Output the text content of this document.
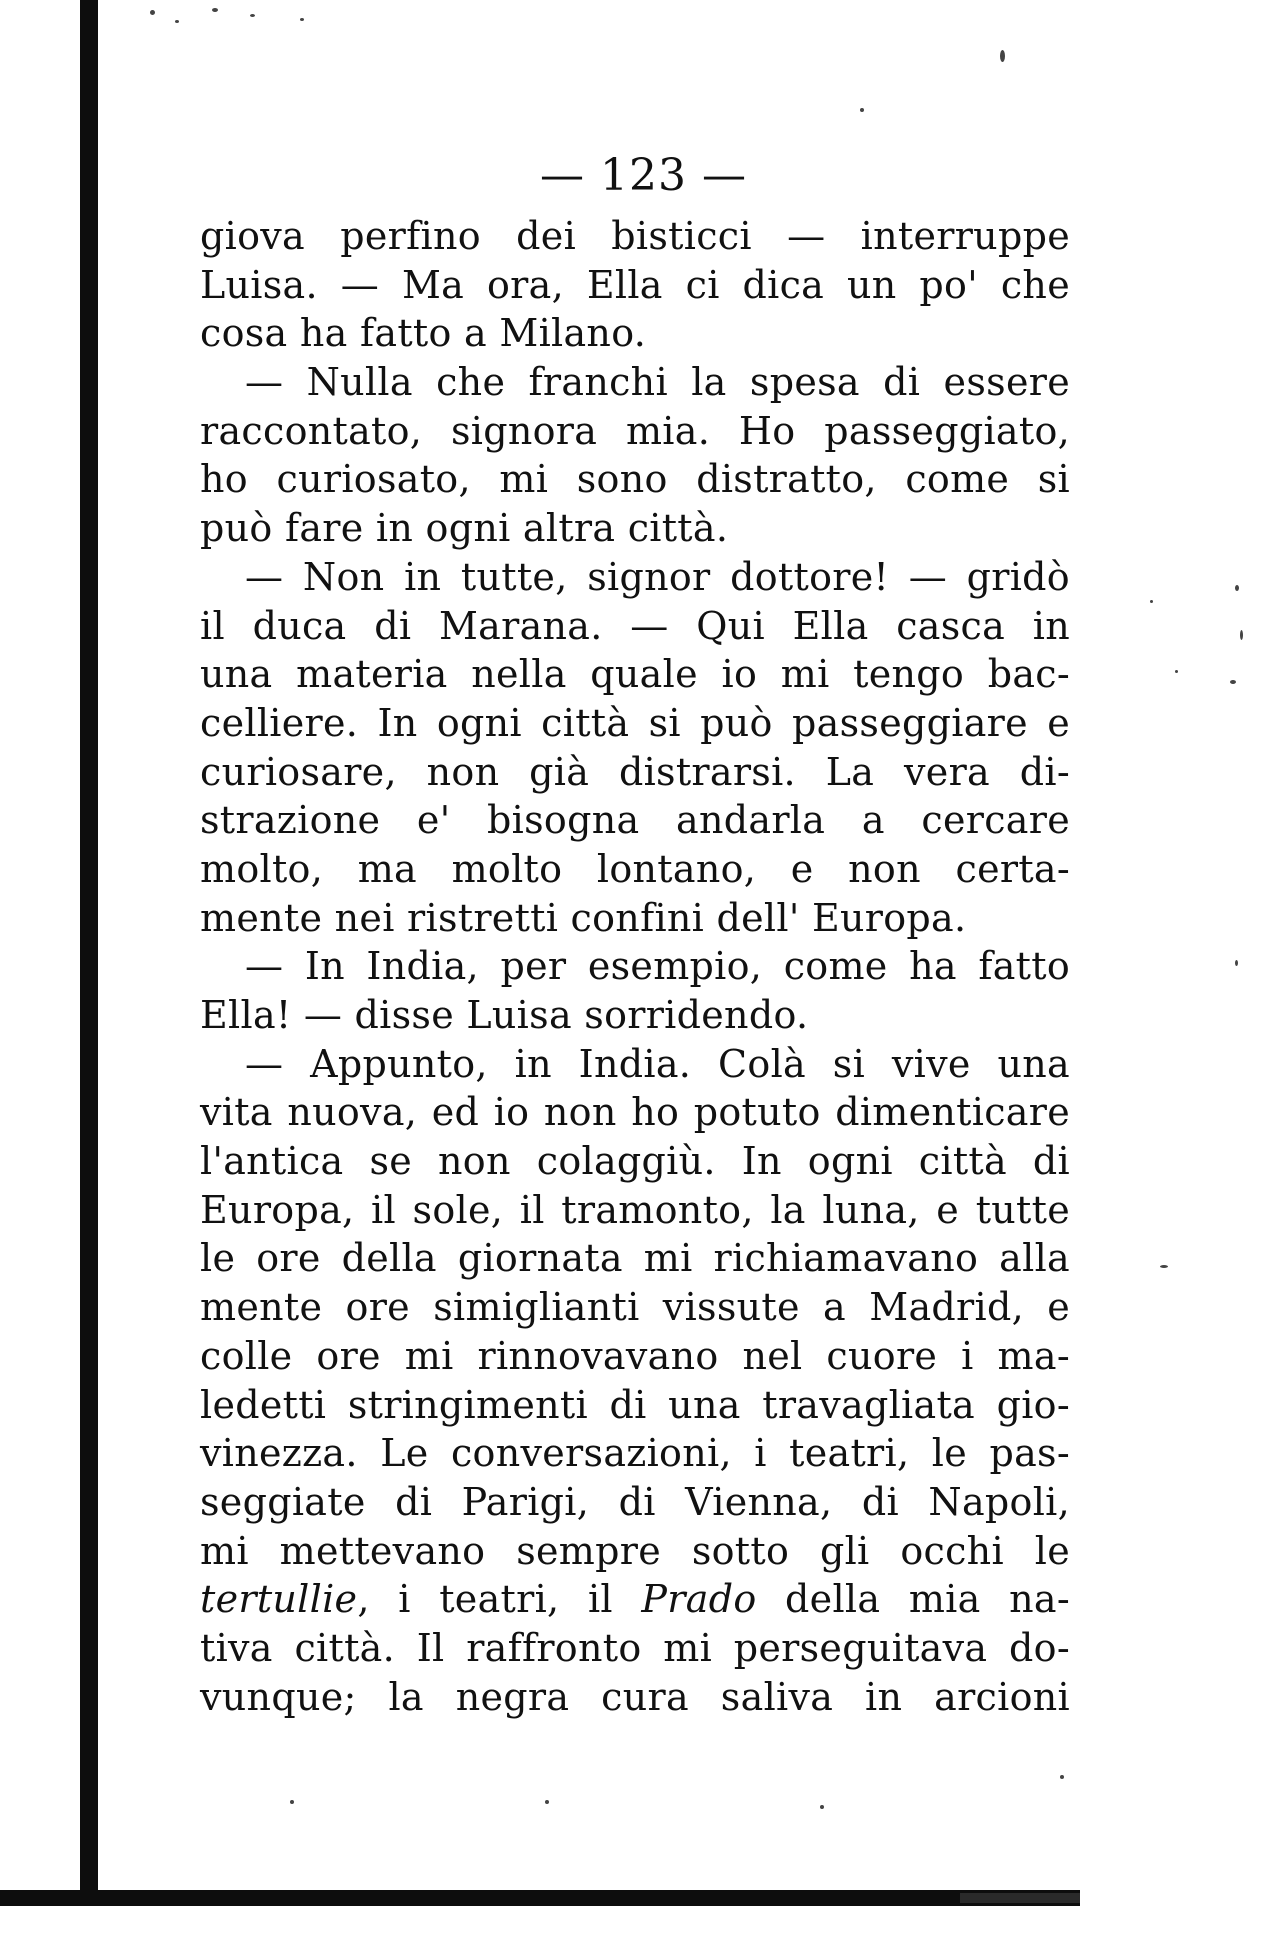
— 123 —
giova perfino dei bisticci — interruppe
Luisa. — Ma ora, Ella ci dica un po' che
cosa ha fatto a Milano.
— Nulla che franchi la spesa di essere
raccontato, signora mia. Ho passeggiato,
ho curiosato, mi sono distratto, come si
può fare in ogni altra città.
— Non in tutte, signor dottore! — gridò
il duca di Marana. — Qui Ella casca in
una materia nella quale io mi tengo bac-
celliere. In ogni città si può passeggiare e
curiosare, non già distrarsi. La vera di-
strazione e' bisogna andarla a cercare
molto, ma molto lontano, e non certa-
mente nei ristretti confini dell' Europa.
— In India, per esempio, come ha fatto
Ella! — disse Luisa sorridendo.
— Appunto, in India. Colà si vive una
vita nuova, ed io non ho potuto dimenticare
l'antica se non colaggiù. In ogni città di
Europa, il sole, il tramonto, la luna, e tutte
le ore della giornata mi richiamavano alla
mente ore simiglianti vissute a Madrid, e
colle ore mi rinnovavano nel cuore i ma-
ledetti stringimenti di una travagliata gio-
vinezza. Le conversazioni, i teatri, le pas-
seggiate di Parigi, di Vienna, di Napoli,
mi mettevano sempre sotto gli occhi le
tertullie, i teatri, il Prado della mia na-
tiva città. Il raffronto mi perseguitava do-
vunque; la negra cura saliva in arcioni
